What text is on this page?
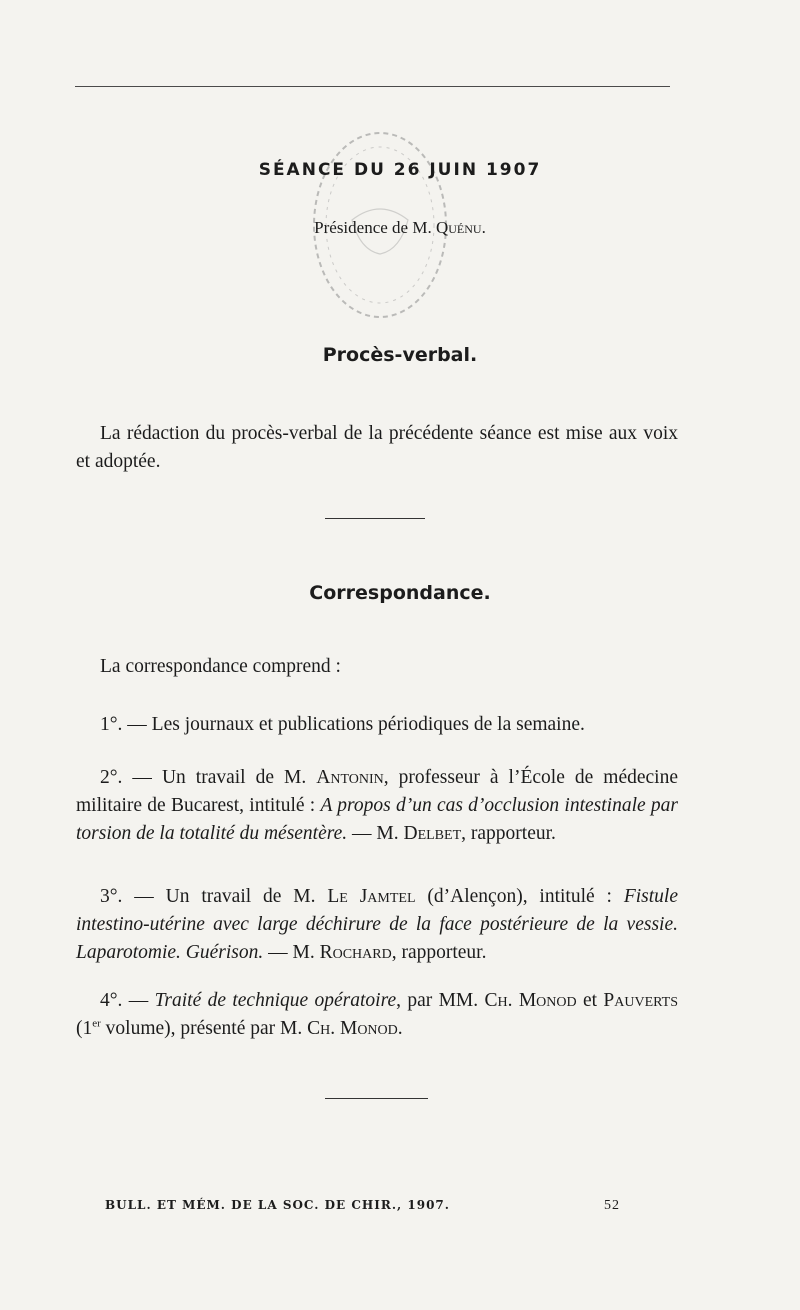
SÉANCE DU 26 JUIN 1907
Présidence de M. Quénu.
Procès-verbal.
La rédaction du procès-verbal de la précédente séance est mise aux voix et adoptée.
Correspondance.
La correspondance comprend :
1°. — Les journaux et publications périodiques de la semaine.
2°. — Un travail de M. Antonin, professeur à l’École de médecine militaire de Bucarest, intitulé : A propos d’un cas d’occlusion intestinale par torsion de la totalité du mésentère. — M. Delbet, rapporteur.
3°. — Un travail de M. Le Jamtel (d’Alençon), intitulé : Fistule intestino-utérine avec large déchirure de la face postérieure de la vessie. Laparotomie. Guérison. — M. Rochard, rapporteur.
4°. — Traité de technique opératoire, par MM. Ch. Monod et Pauverts (1er volume), présenté par M. Ch. Monod.
BULL. ET MÉM. DE LA SOC. DE CHIR., 1907.	52
